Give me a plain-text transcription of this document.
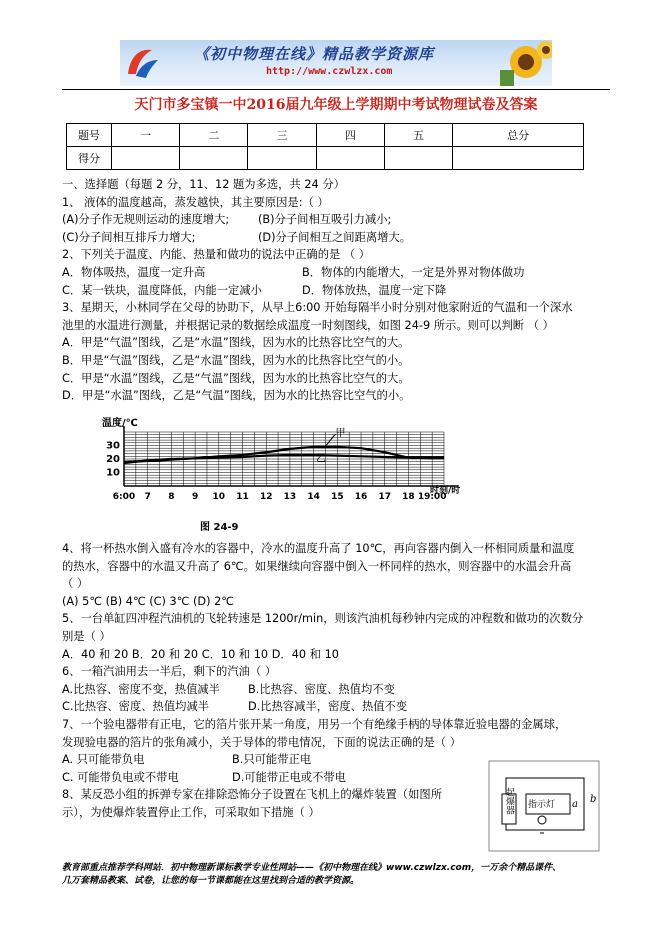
《初中物理在线》精品教学资源库
http://www.czwlzx.com
天门市多宝镇一中2016届九年级上学期期中考试物理试卷及答案
题号	一	二	三	四	五	总分
得分						
一、选择题（每题 2 分，11、12 题为多选，共 24 分）
1、 液体的温度越高，蒸发越快，其主要原因是:（ ）
(A)分子作无规则运动的速度增大;	(B)分子间相互吸引力减小;
(C)分子间相互排斥力增大;	(D)分子间相互之间距离增大。
2、下列关于温度、内能、热量和做功的说法中正确的是 （ ）
A．物体吸热，温度一定升高	B．物体的内能增大，一定是外界对物体做功
C．某一铁块，温度降低，内能一定减小	D．物体放热，温度一定下降
3、星期天，小林同学在父母的协助下，从早上6:00 开始每隔半小时分别对他家附近的气温和一个深水
池里的水温进行测量，并根据记录的数据绘成温度一时刻图线，如图 24-9 所示。则可以判断 （ ）
A．甲是“气温”图线，乙是“水温”图线，因为水的比热容比空气的大。
B．甲是“气温”图线，乙是“水温”图线，因为水的比热容比空气的小。
C．甲是“水温”图线，乙是“气温”图线，因为水的比热容比空气的大。
D．甲是“水温”图线，乙是“气温”图线，因为水的比热容比空气的小。
甲
乙
10
20
30
6:00 7 8 9 10 11 12 13 14 15 16 17 18 19:00
温度/℃
时刻/时
图 24-9
4、将一杯热水倒入盛有冷水的容器中，冷水的温度升高了 10℃，再向容器内倒入一杯相同质量和温度
的热水，容器中的水温又升高了 6℃。如果继续向容器中倒入一杯同样的热水，则容器中的水温会升高
（ ）
(A) 5℃ (B) 4℃ (C) 3℃ (D) 2℃
5、一台单缸四冲程汽油机的飞轮转速是 1200r/min，则该汽油机每秒钟内完成的冲程数和做功的次数分
别是（ ）
A．40 和 20 B．20 和 20 C．10 和 10 D．40 和 10
6、一箱汽油用去一半后，剩下的汽油（ ）
A.比热容、密度不变，热值减半 B.比热容、密度、热值均不变
C.比热容、密度、热值均减半	D.比热容减半，密度、热值不变
7、一个验电器带有正电，它的箔片张开某一角度，用另一个有绝缘手柄的导体靠近验电器的金属球，
发现验电器的箔片的张角减小，关于导体的带电情况，下面的说法正确的是（ ）
A. 只可能带负电	B.只可能带正电
C. 可能带负电或不带电	D.可能带正电或不带电
8、某反恐小组的拆弹专家在排除恐怖分子设置在飞机上的爆炸装置（如图所
示），为使爆炸装置停止工作，可采取如下措施（ ）	起爆器 指示灯 a b
教育部重点推荐学科网站．初中物理新课标教学专业性网站——《初中物理在线》www.czwlzx.com，一万余个精品课件、
几万套精品教案、试卷，让您的每一节课都能在这里找到合适的教学资源。
